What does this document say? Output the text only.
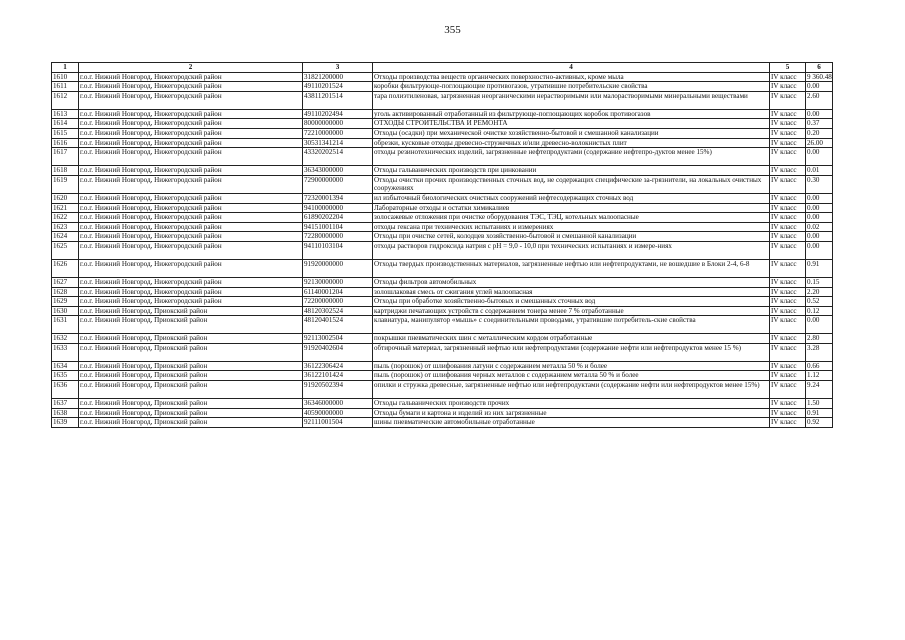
355
1	2	3	4	5	6
1610	г.о.г. Нижний Новгород, Нижегородский район	31821200000	Отходы производства веществ органических поверхностно-активных, кроме мыла	IV класс	9 360.48
1611	г.о.г. Нижний Новгород, Нижегородский район	49110201524	коробки фильтрующе-поглощающие противогазов, утратившие потребительские свойства	IV класс	0.00
1612	г.о.г. Нижний Новгород, Нижегородский район	43811201514	тара полиэтиленовая, загрязненная неорганическими нерастворимыми или малорастворимыми минеральными веществами	IV класс	2.60
1613	г.о.г. Нижний Новгород, Нижегородский район	49110202494	уголь активированный отработанный из фильтрующе-поглощающих коробок противогазов	IV класс	0.00
1614	г.о.г. Нижний Новгород, Нижегородский район	80000000000	ОТХОДЫ СТРОИТЕЛЬСТВА И РЕМОНТА	IV класс	0.37
1615	г.о.г. Нижний Новгород, Нижегородский район	72210000000	Отходы (осадки) при механической очистке хозяйственно-бытовой и смешанной канализации	IV класс	0.20
1616	г.о.г. Нижний Новгород, Нижегородский район	30531341214	обрезки, кусковые отходы древесно-стружечных и/или древесно-волокнистых плит	IV класс	26.00
1617	г.о.г. Нижний Новгород, Нижегородский район	43320202514	отходы резинотехнических изделий, загрязненные нефтепродуктами (содержание нефтепро-дуктов менее 15%)	IV класс	0.00
1618	г.о.г. Нижний Новгород, Нижегородский район	36343000000	Отходы гальванических производств при цинковании	IV класс	0.01
1619	г.о.г. Нижний Новгород, Нижегородский район	72900000000	Отходы очистки прочих производственных сточных вод, не содержащих специфические за-грязнители, на локальных очистных сооружениях	IV класс	0.30
1620	г.о.г. Нижний Новгород, Нижегородский район	72320001394	ил избыточный биологических очистных сооружений нефтесодержащих сточных вод	IV класс	0.00
1621	г.о.г. Нижний Новгород, Нижегородский район	94100000000	Лабораторные отходы и остатки химикалиев	IV класс	0.00
1622	г.о.г. Нижний Новгород, Нижегородский район	61890202204	золосажевые отложения при очистке оборудования ТЭС, ТЭЦ, котельных малоопасные	IV класс	0.00
1623	г.о.г. Нижний Новгород, Нижегородский район	94151001104	отходы гексана при технических испытаниях и измерениях	IV класс	0.02
1624	г.о.г. Нижний Новгород, Нижегородский район	72280000000	Отходы при очистке сетей, колодцев хозяйственно-бытовой и смешанной канализации	IV класс	0.00
1625	г.о.г. Нижний Новгород, Нижегородский район	94110103104	отходы растворов гидроксида натрия с pH = 9,0 - 10,0 при технических испытаниях и измере-ниях	IV класс	0.00
1626	г.о.г. Нижний Новгород, Нижегородский район	91920000000	Отходы твердых производственных материалов, загрязненные нефтью или нефтепродуктами, не вошедшие в Блоки 2-4, 6-8	IV класс	0.91
1627	г.о.г. Нижний Новгород, Нижегородский район	92130000000	Отходы фильтров автомобильных	IV класс	0.15
1628	г.о.г. Нижний Новгород, Нижегородский район	61140001204	золошлаковая смесь от сжигания углей малоопасная	IV класс	2.20
1629	г.о.г. Нижний Новгород, Нижегородский район	72200000000	Отходы при обработке хозяйственно-бытовых и смешанных сточных вод	IV класс	0.52
1630	г.о.г. Нижний Новгород, Приокский район	48120302524	картриджи печатающих устройств с содержанием тонера менее 7 % отработанные	IV класс	0.12
1631	г.о.г. Нижний Новгород, Приокский район	48120401524	клавиатура, манипулятор «мышь» с соединительными проводами, утратившие потребитель-ские свойства	IV класс	0.00
1632	г.о.г. Нижний Новгород, Приокский район	92113002504	покрышки пневматических шин с металлическим кордом отработанные	IV класс	2.80
1633	г.о.г. Нижний Новгород, Приокский район	91920402604	обтирочный материал, загрязненный нефтью или нефтепродуктами (содержание нефти или нефтепродуктов менее 15 %)	IV класс	3.28
1634	г.о.г. Нижний Новгород, Приокский район	36122306424	пыль (порошок) от шлифования латуни с содержанием металла 50 % и более	IV класс	0.66
1635	г.о.г. Нижний Новгород, Приокский район	36122101424	пыль (порошок) от шлифования черных металлов с содержанием металла 50 % и более	IV класс	1.12
1636	г.о.г. Нижний Новгород, Приокский район	91920502394	опилки и стружка древесные, загрязненные нефтью или нефтепродуктами (содержание нефти или нефтепродуктов менее 15%)	IV класс	9.24
1637	г.о.г. Нижний Новгород, Приокский район	36346000000	Отходы гальванических производств прочих	IV класс	1.50
1638	г.о.г. Нижний Новгород, Приокский район	40590000000	Отходы бумаги и картона и изделий из них загрязненные	IV класс	0.91
1639	г.о.г. Нижний Новгород, Приокский район	92111001504	шины пневматические автомобильные отработанные	IV класс	0.92
